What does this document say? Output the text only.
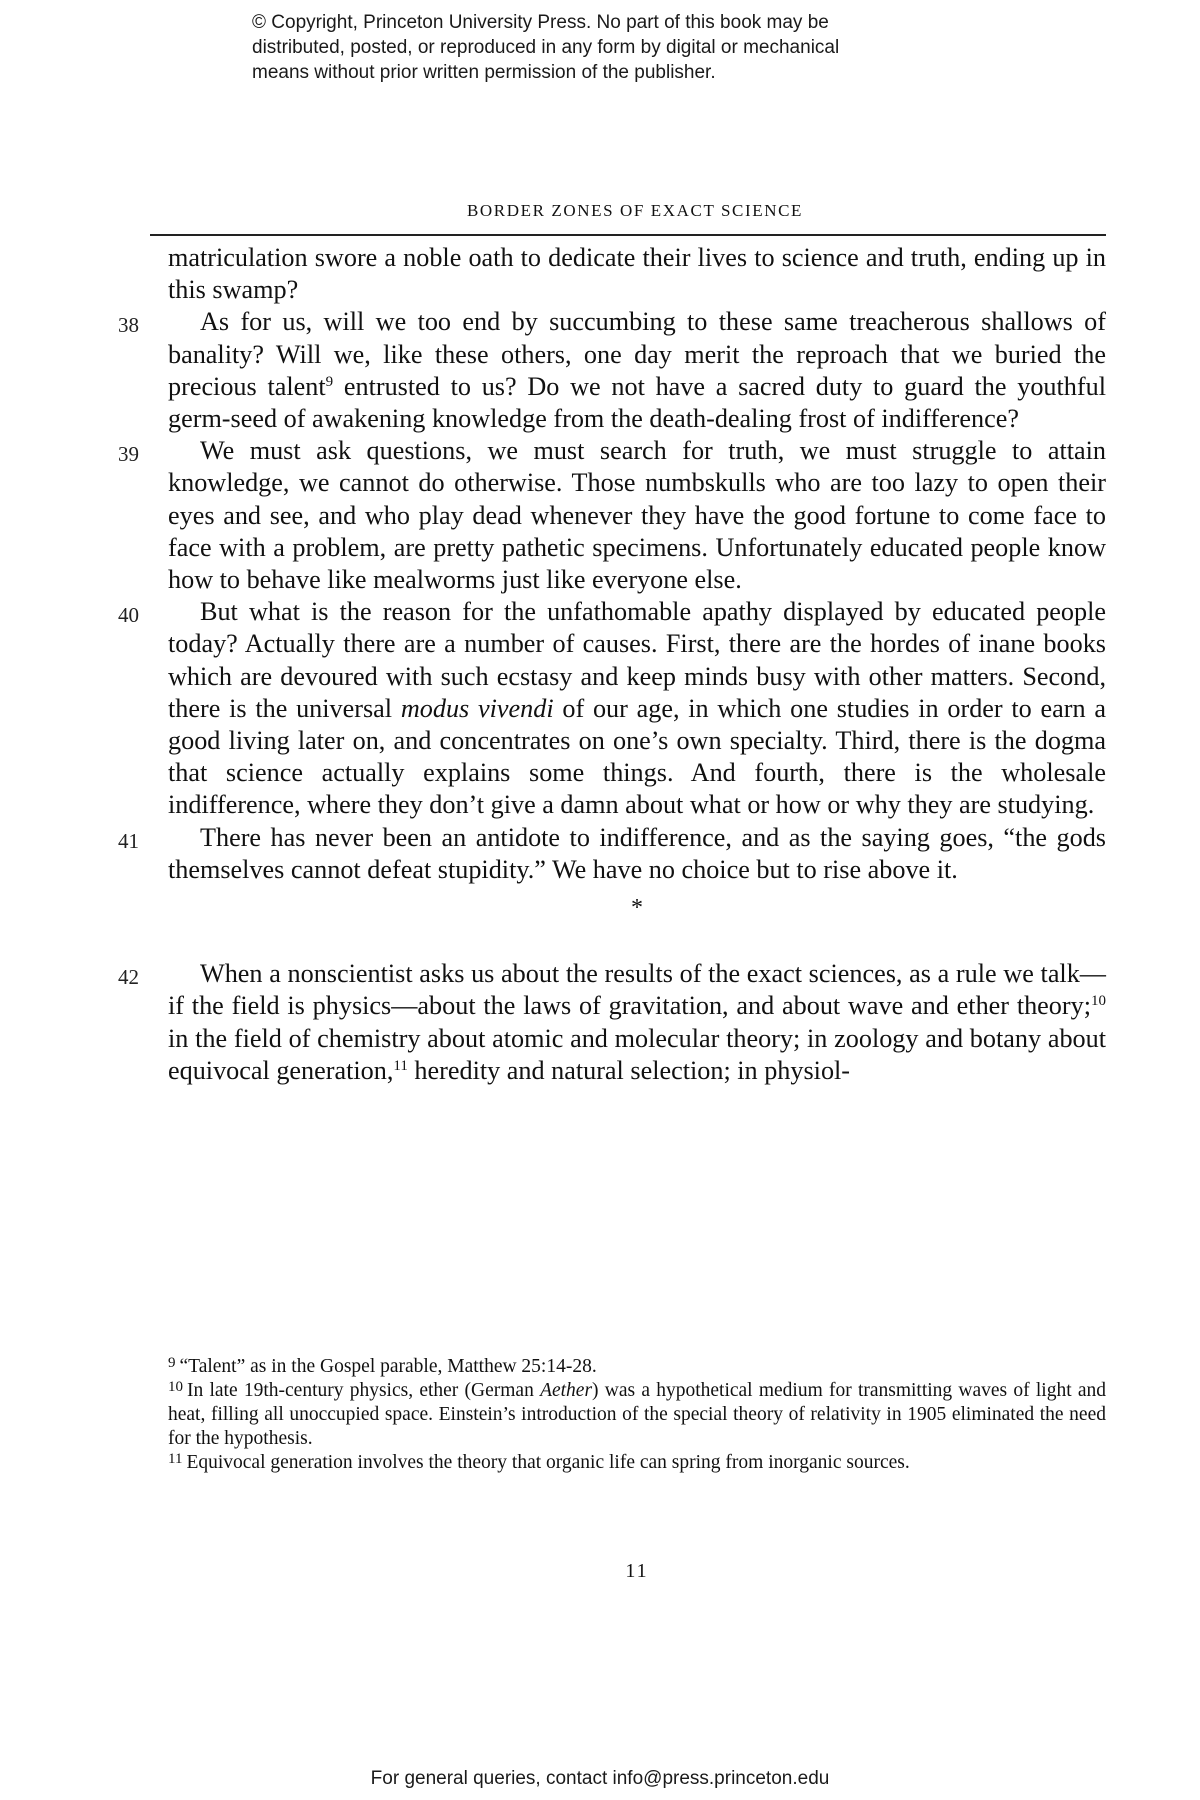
© Copyright, Princeton University Press. No part of this book may be
distributed, posted, or reproduced in any form by digital or mechanical
means without prior written permission of the publisher.
BORDER ZONES OF EXACT SCIENCE

matriculation swore a noble oath to dedicate their lives to science and truth, ending up in this swamp?

38 As for us, will we too end by succumbing to these same treacherous shallows of banality? Will we, like these others, one day merit the reproach that we buried the precious talent$^9$ entrusted to us? Do we not have a sacred duty to guard the youthful germ-seed of awakening knowledge from the death-dealing frost of indifference?

39 We must ask questions, we must search for truth, we must struggle to attain knowledge, we cannot do otherwise. Those numbskulls who are too lazy to open their eyes and see, and who play dead whenever they have the good fortune to come face to face with a problem, are pretty pathetic specimens. Unfortunately educated people know how to behave like mealworms just like everyone else.

40 But what is the reason for the unfathomable apathy displayed by educated people today? Actually there are a number of causes. First, there are the hordes of inane books which are devoured with such ecstasy and keep minds busy with other matters. Second, there is the universal modus vivendi of our age, in which one studies in order to earn a good living later on, and concentrates on one’s own specialty. Third, there is the dogma that science actually explains some things. And fourth, there is the wholesale indifference, where they don’t give a damn about what or how or why they are studying.

41 There has never been an antidote to indifference, and as the saying goes, “the gods themselves cannot defeat stupidity.” We have no choice but to rise above it.

*

42 When a nonscientist asks us about the results of the exact sciences, as a rule we talk—if the field is physics—about the laws of gravitation, and about wave and ether theory;$^{10}$ in the field of chemistry about atomic and molecular theory; in zoology and botany about equivocal generation,$^{11}$ heredity and natural selection; in physiol-

$^9$ “Talent” as in the Gospel parable, Matthew 25:14-28.

$^{10}$ In late 19th-century physics, ether (German Aether) was a hypothetical medium for transmitting waves of light and heat, filling all unoccupied space. Einstein’s introduction of the special theory of relativity in 1905 eliminated the need for the hypothesis.

$^{11}$ Equivocal generation involves the theory that organic life can spring from inorganic sources.

11
For general queries, contact info@press.princeton.edu
